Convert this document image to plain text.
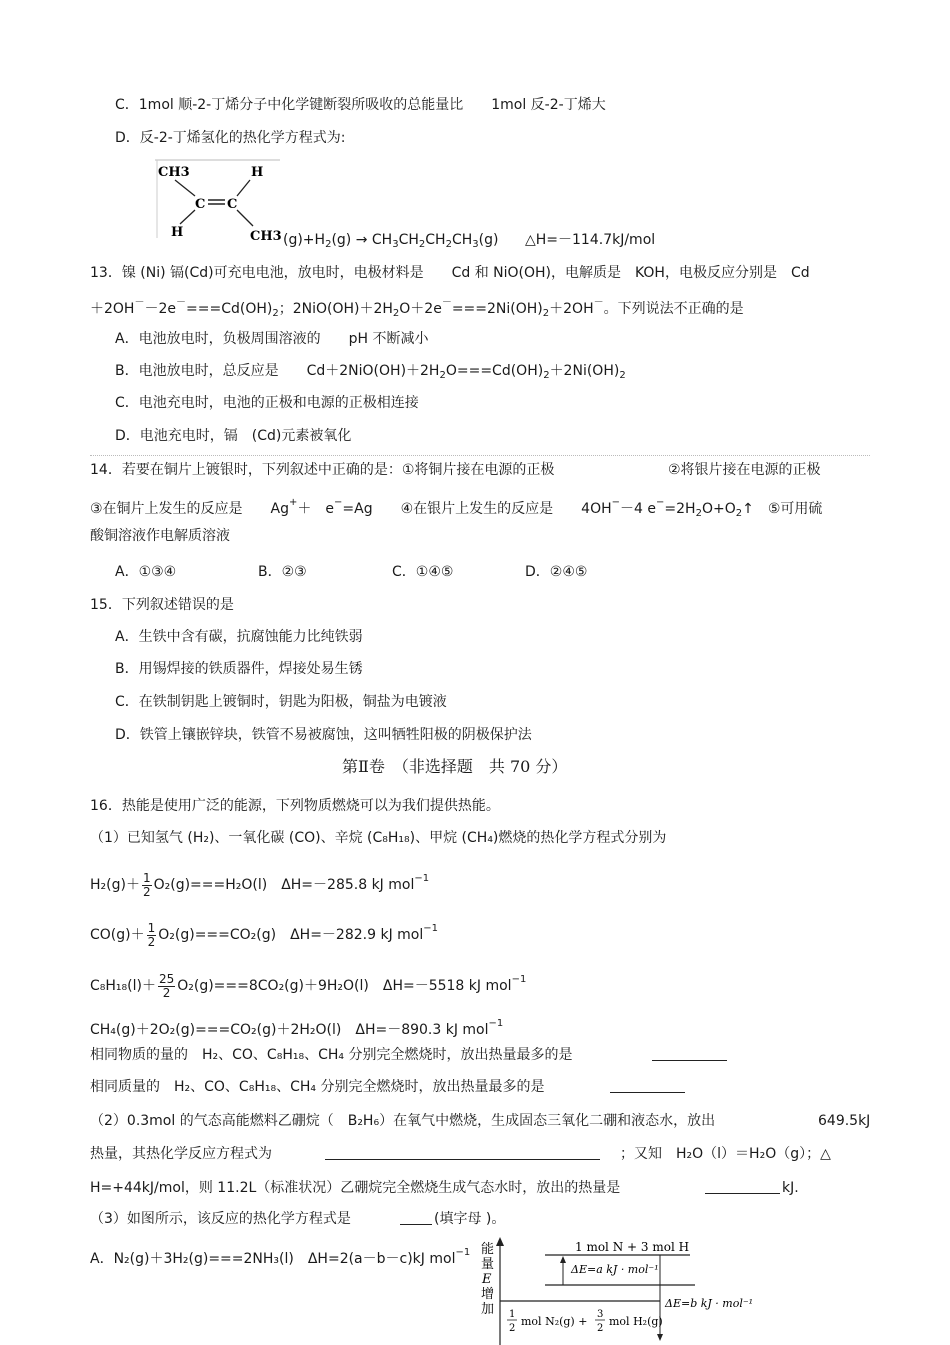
C．1mol 顺-2-丁烯分子中化学键断裂所吸收的总能量比　　1mol 反-2-丁烯大
D．反-2-丁烯氢化的热化学方程式为:
CH3	H
C C
H	CH3 $(g)+H_2(g) \to CH_3CH_2CH_2CH_3(g)$ △H=－114.7kJ/mol
13．镍 (Ni) 镉(Cd)可充电电池，放电时，电极材料是　　Cd 和 NiO(OH)，电解质是　KOH，电极反应分别是　Cd
$+2OH^--2e^-===Cd(OH)_2$；$2NiO(OH)+2H_2O+2e^-===2Ni(OH)_2+2OH^-$。下列说法不正确的是
A．电池放电时，负极周围溶液的　　pH 不断减小
B．电池放电时，总反应是　　$Cd+2NiO(OH)+2H_2O===Cd(OH)_2+2Ni(OH)_2$
C．电池充电时，电池的正极和电源的正极相连接
D．电池充电时，镉　(Cd)元素被氧化
14．若要在铜片上镀银时，下列叙述中正确的是：①将铜片接在电源的正极	②将银片接在电源的正极
③在铜片上发生的反应是　　Ag+＋　e−=Ag　　④在银片上发生的反应是　　4OH−－4 $e^-=2H_2O+O_2↑$　⑤可用硫
酸铜溶液作电解质溶液
A．①③④	B．②③	C．①④⑤	D．②④⑤
15．下列叙述错误的是
A．生铁中含有碳，抗腐蚀能力比纯铁弱
B．用锡焊接的铁质器件，焊接处易生锈
C．在铁制钥匙上镀铜时，钥匙为阳极，铜盐为电镀液
D．铁管上镶嵌锌块，铁管不易被腐蚀，这叫牺牲阳极的阴极保护法
第Ⅱ卷　（非选择题　共 70 分）
16．热能是使用广泛的能源，下列物质燃烧可以为我们提供热能。
（1）已知氢气 (H₂)、一氧化碳 (CO)、辛烷 (C₈H₁₈)、甲烷 (CH₄)燃烧的热化学方程式分别为
$H_2(g)+ \frac{1}{2} O_2(g)===H_2O(l)$　ΔH=－285.8 kJ mol$^{-1}$
$CO(g)+ \frac{1}{2} O_2(g)===CO_2(g)$　ΔH=－282.9 kJ mol$^{-1}$
$C_8H_{18}(l)+ \frac{25}{2} O_2(g)===8CO_2(g)+9H_2O(l)$　ΔH=－5518 kJ mol$^{-1}$
CH₄(g)＋2O₂(g)===CO₂(g)＋2H₂O(l)　ΔH=－890.3 kJ mol$^{-1}$
相同物质的量的　H₂、CO、C₈H₁₈、CH₄ 分别完全燃烧时，放出热量最多的是
相同质量的　H₂、CO、C₈H₁₈、CH₄ 分别完全燃烧时，放出热量最多的是
（2）0.3mol 的气态高能燃料乙硼烷（　B₂H₆）在氧气中燃烧，生成固态三氧化二硼和液态水，放出	649.5kJ
热量，其热化学反应方程式为	；又知　H₂O（l）＝H₂O（g）；△
H=+44kJ/mol，则 11.2L（标准状况）乙硼烷完全燃烧生成气态水时，放出的热量是	kJ.
（3）如图所示，该反应的热化学方程式是	(填字母 )。
A．N₂(g)＋3H₂(g)===2NH₃(l)　ΔH=2(a－b－c)kJ mol$^{-1}$ 能
量
E
增
加
1 mol N + 3 mol H
ΔE=a kJ · mol⁻¹
ΔE=b kJ · mol⁻¹
1
2
mol N₂(g) +
3
2
mol H₂(g)
